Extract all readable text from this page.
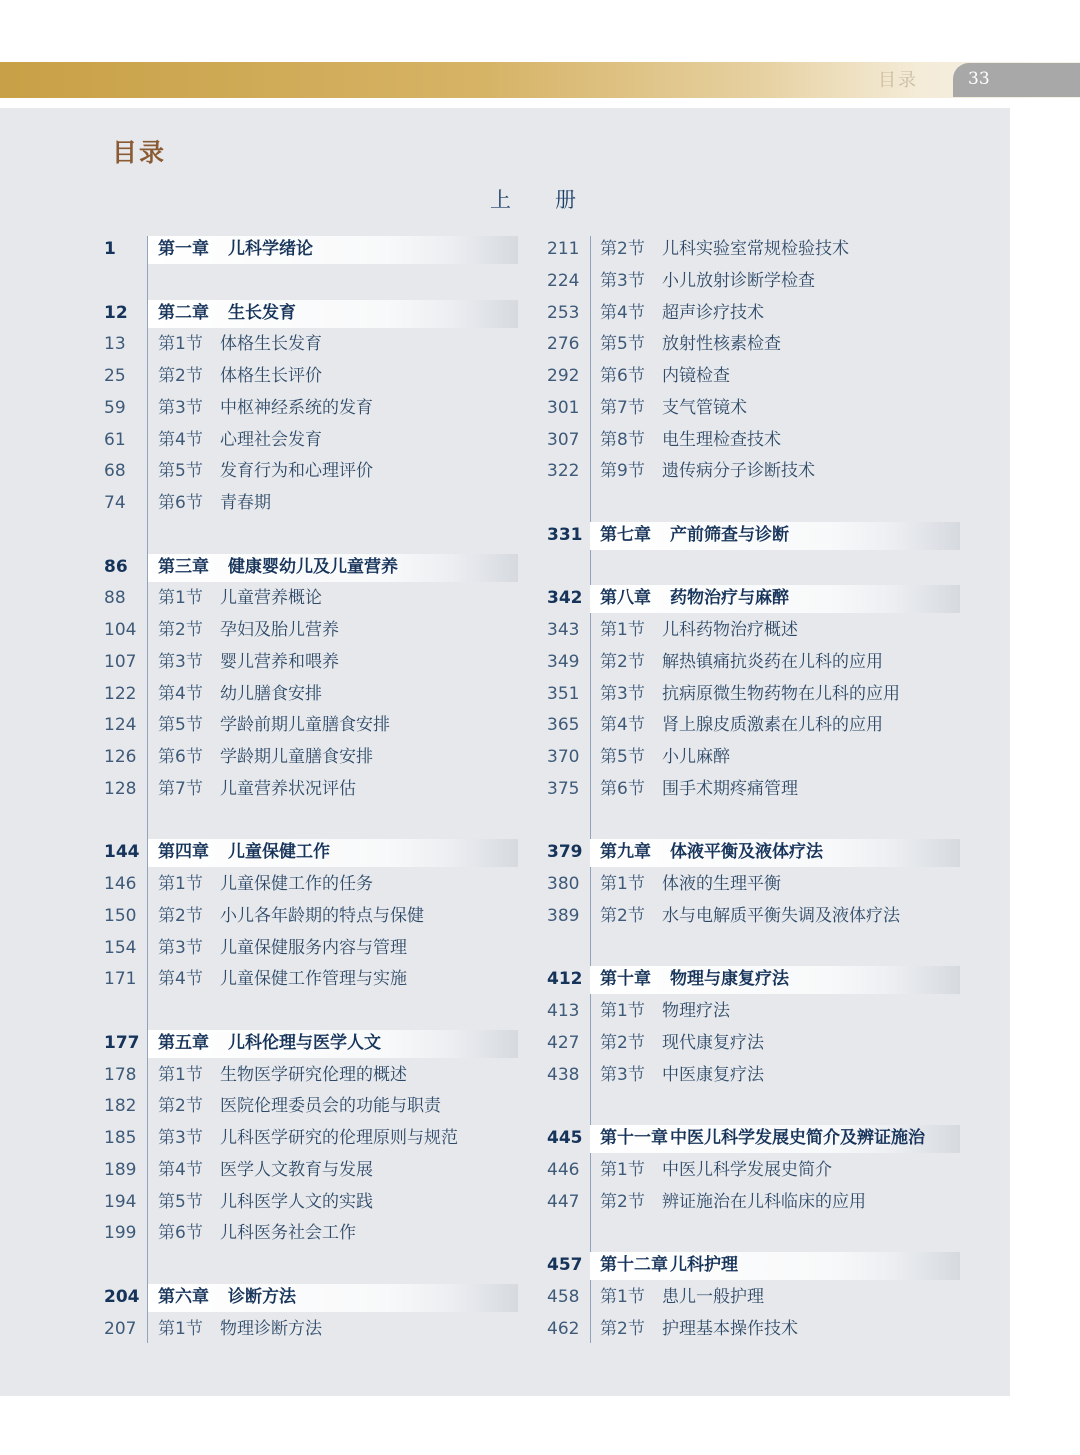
目录	33
目录
上册
1 第一章 儿科学绪论
12 第二章 生长发育
13 第1节 体格生长发育
25 第2节 体格生长评价
59 第3节 中枢神经系统的发育
61 第4节 心理社会发育
68 第5节 发育行为和心理评价
74 第6节 青春期
86 第三章 健康婴幼儿及儿童营养
88 第1节 儿童营养概论
104 第2节 孕妇及胎儿营养
107 第3节 婴儿营养和喂养
122 第4节 幼儿膳食安排
124 第5节 学龄前期儿童膳食安排
126 第6节 学龄期儿童膳食安排
128 第7节 儿童营养状况评估
144 第四章 儿童保健工作
146 第1节 儿童保健工作的任务
150 第2节 小儿各年龄期的特点与保健
154 第3节 儿童保健服务内容与管理
171 第4节 儿童保健工作管理与实施
177 第五章 儿科伦理与医学人文
178 第1节 生物医学研究伦理的概述
182 第2节 医院伦理委员会的功能与职责
185 第3节 儿科医学研究的伦理原则与规范
189 第4节 医学人文教育与发展
194 第5节 儿科医学人文的实践
199 第6节 儿科医务社会工作
204 第六章 诊断方法
207 第1节 物理诊断方法
211 第2节 儿科实验室常规检验技术
224 第3节 小儿放射诊断学检查
253 第4节 超声诊疗技术
276 第5节 放射性核素检查
292 第6节 内镜检查
301 第7节 支气管镜术
307 第8节 电生理检查技术
322 第9节 遗传病分子诊断技术
331 第七章 产前筛查与诊断
342 第八章 药物治疗与麻醉
343 第1节 儿科药物治疗概述
349 第2节 解热镇痛抗炎药在儿科的应用
351 第3节 抗病原微生物药物在儿科的应用
365 第4节 肾上腺皮质激素在儿科的应用
370 第5节 小儿麻醉
375 第6节 围手术期疼痛管理
379 第九章 体液平衡及液体疗法
380 第1节 体液的生理平衡
389 第2节 水与电解质平衡失调及液体疗法
412 第十章 物理与康复疗法
413 第1节 物理疗法
427 第2节 现代康复疗法
438 第3节 中医康复疗法
445 第十一章 中医儿科学发展史简介及辨证施治
446 第1节 中医儿科学发展史简介
447 第2节 辨证施治在儿科临床的应用
457 第十二章 儿科护理
458 第1节 患儿一般护理
462 第2节 护理基本操作技术
